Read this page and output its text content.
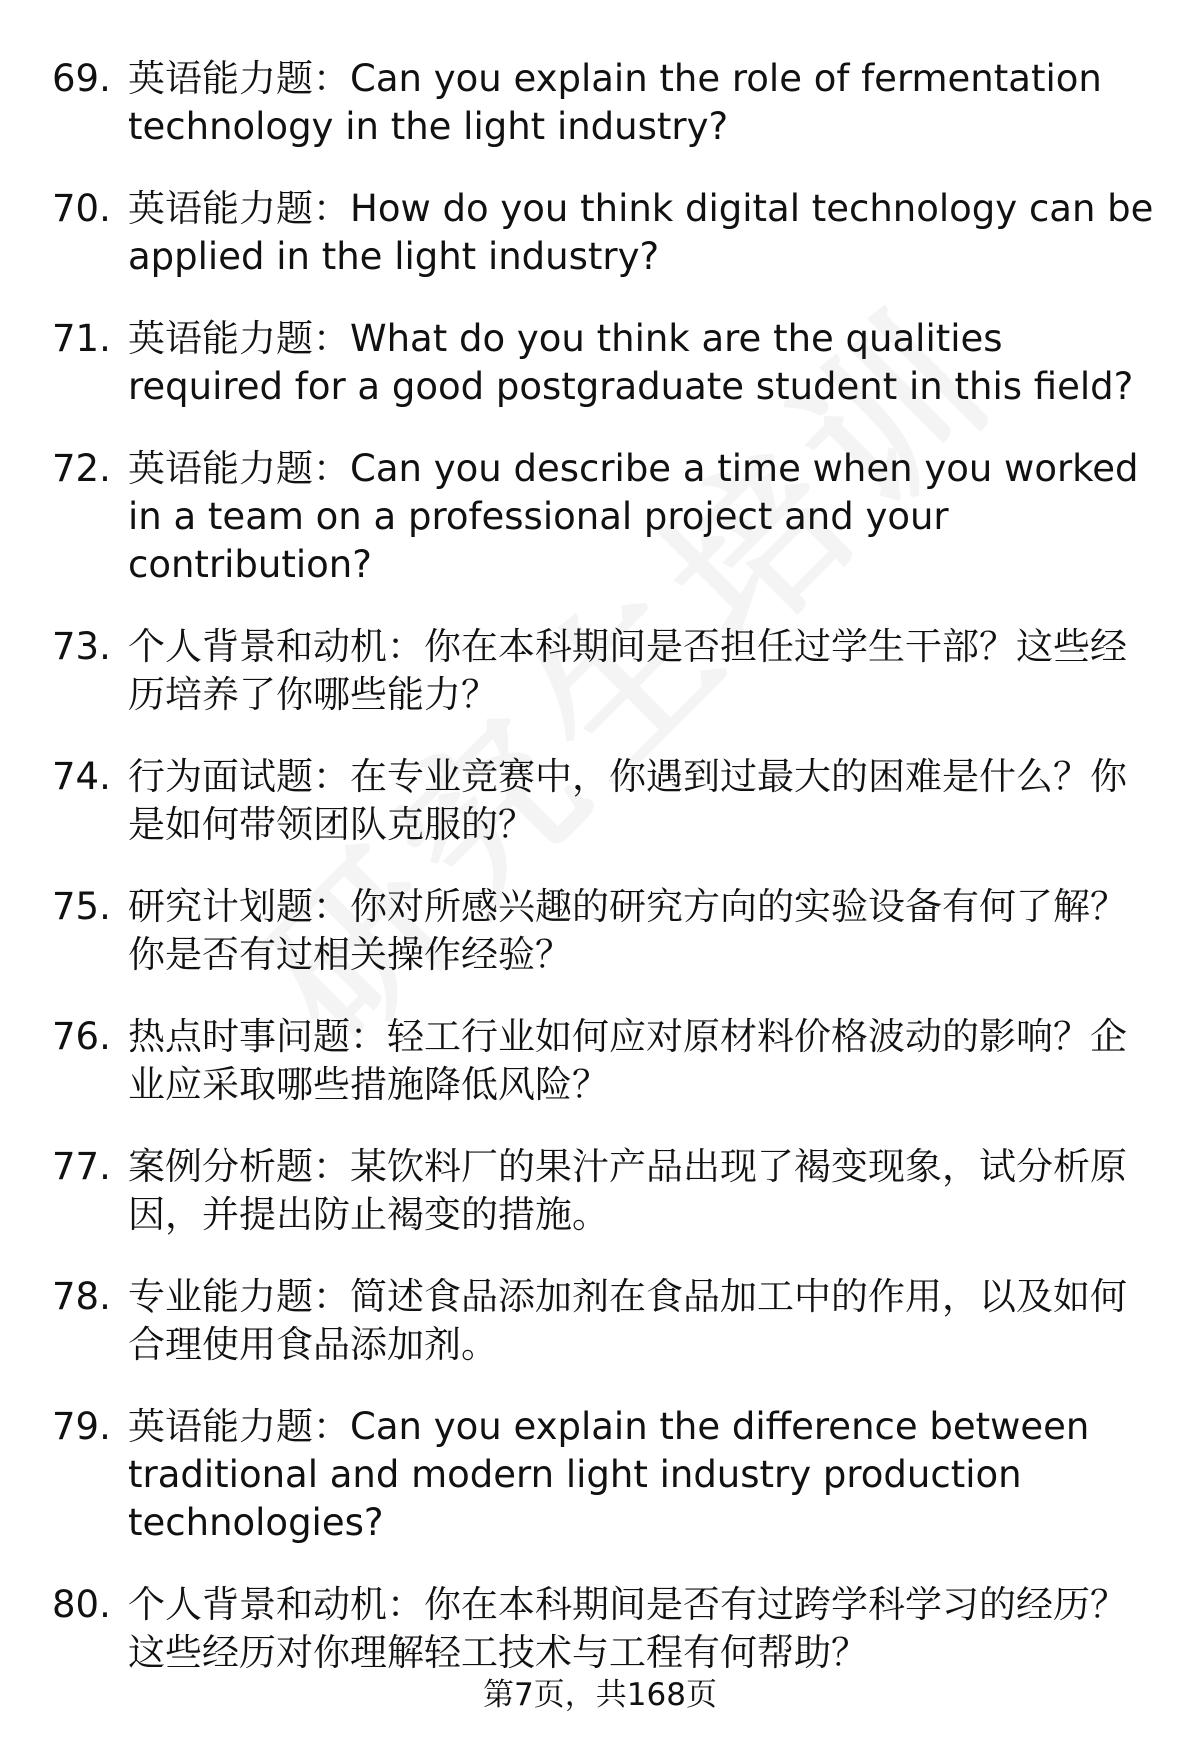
69. 英语能力题：Can you explain the role of fermentation technology in the light industry?
70. 英语能力题：How do you think digital technology can be applied in the light industry?
71. 英语能力题：What do you think are the qualities required for a good postgraduate student in this field?
72. 英语能力题：Can you describe a time when you worked in a team on a professional project and your contribution?
73. 个人背景和动机：你在本科期间是否担任过学生干部？这些经历培养了你哪些能力？
74. 行为面试题：在专业竞赛中，你遇到过最大的困难是什么？你是如何带领团队克服的？
75. 研究计划题：你对所感兴趣的研究方向的实验设备有何了解？你是否有过相关操作经验？
76. 热点时事问题：轻工行业如何应对原材料价格波动的影响？企业应采取哪些措施降低风险？
77. 案例分析题：某饮料厂的果汁产品出现了褐变现象，试分析原因，并提出防止褐变的措施。
78. 专业能力题：简述食品添加剂在食品加工中的作用，以及如何合理使用食品添加剂。
79. 英语能力题：Can you explain the difference between traditional and modern light industry production technologies?
80. 个人背景和动机：你在本科期间是否有过跨学科学习的经历？这些经历对你理解轻工技术与工程有何帮助？
第7页，共168页
